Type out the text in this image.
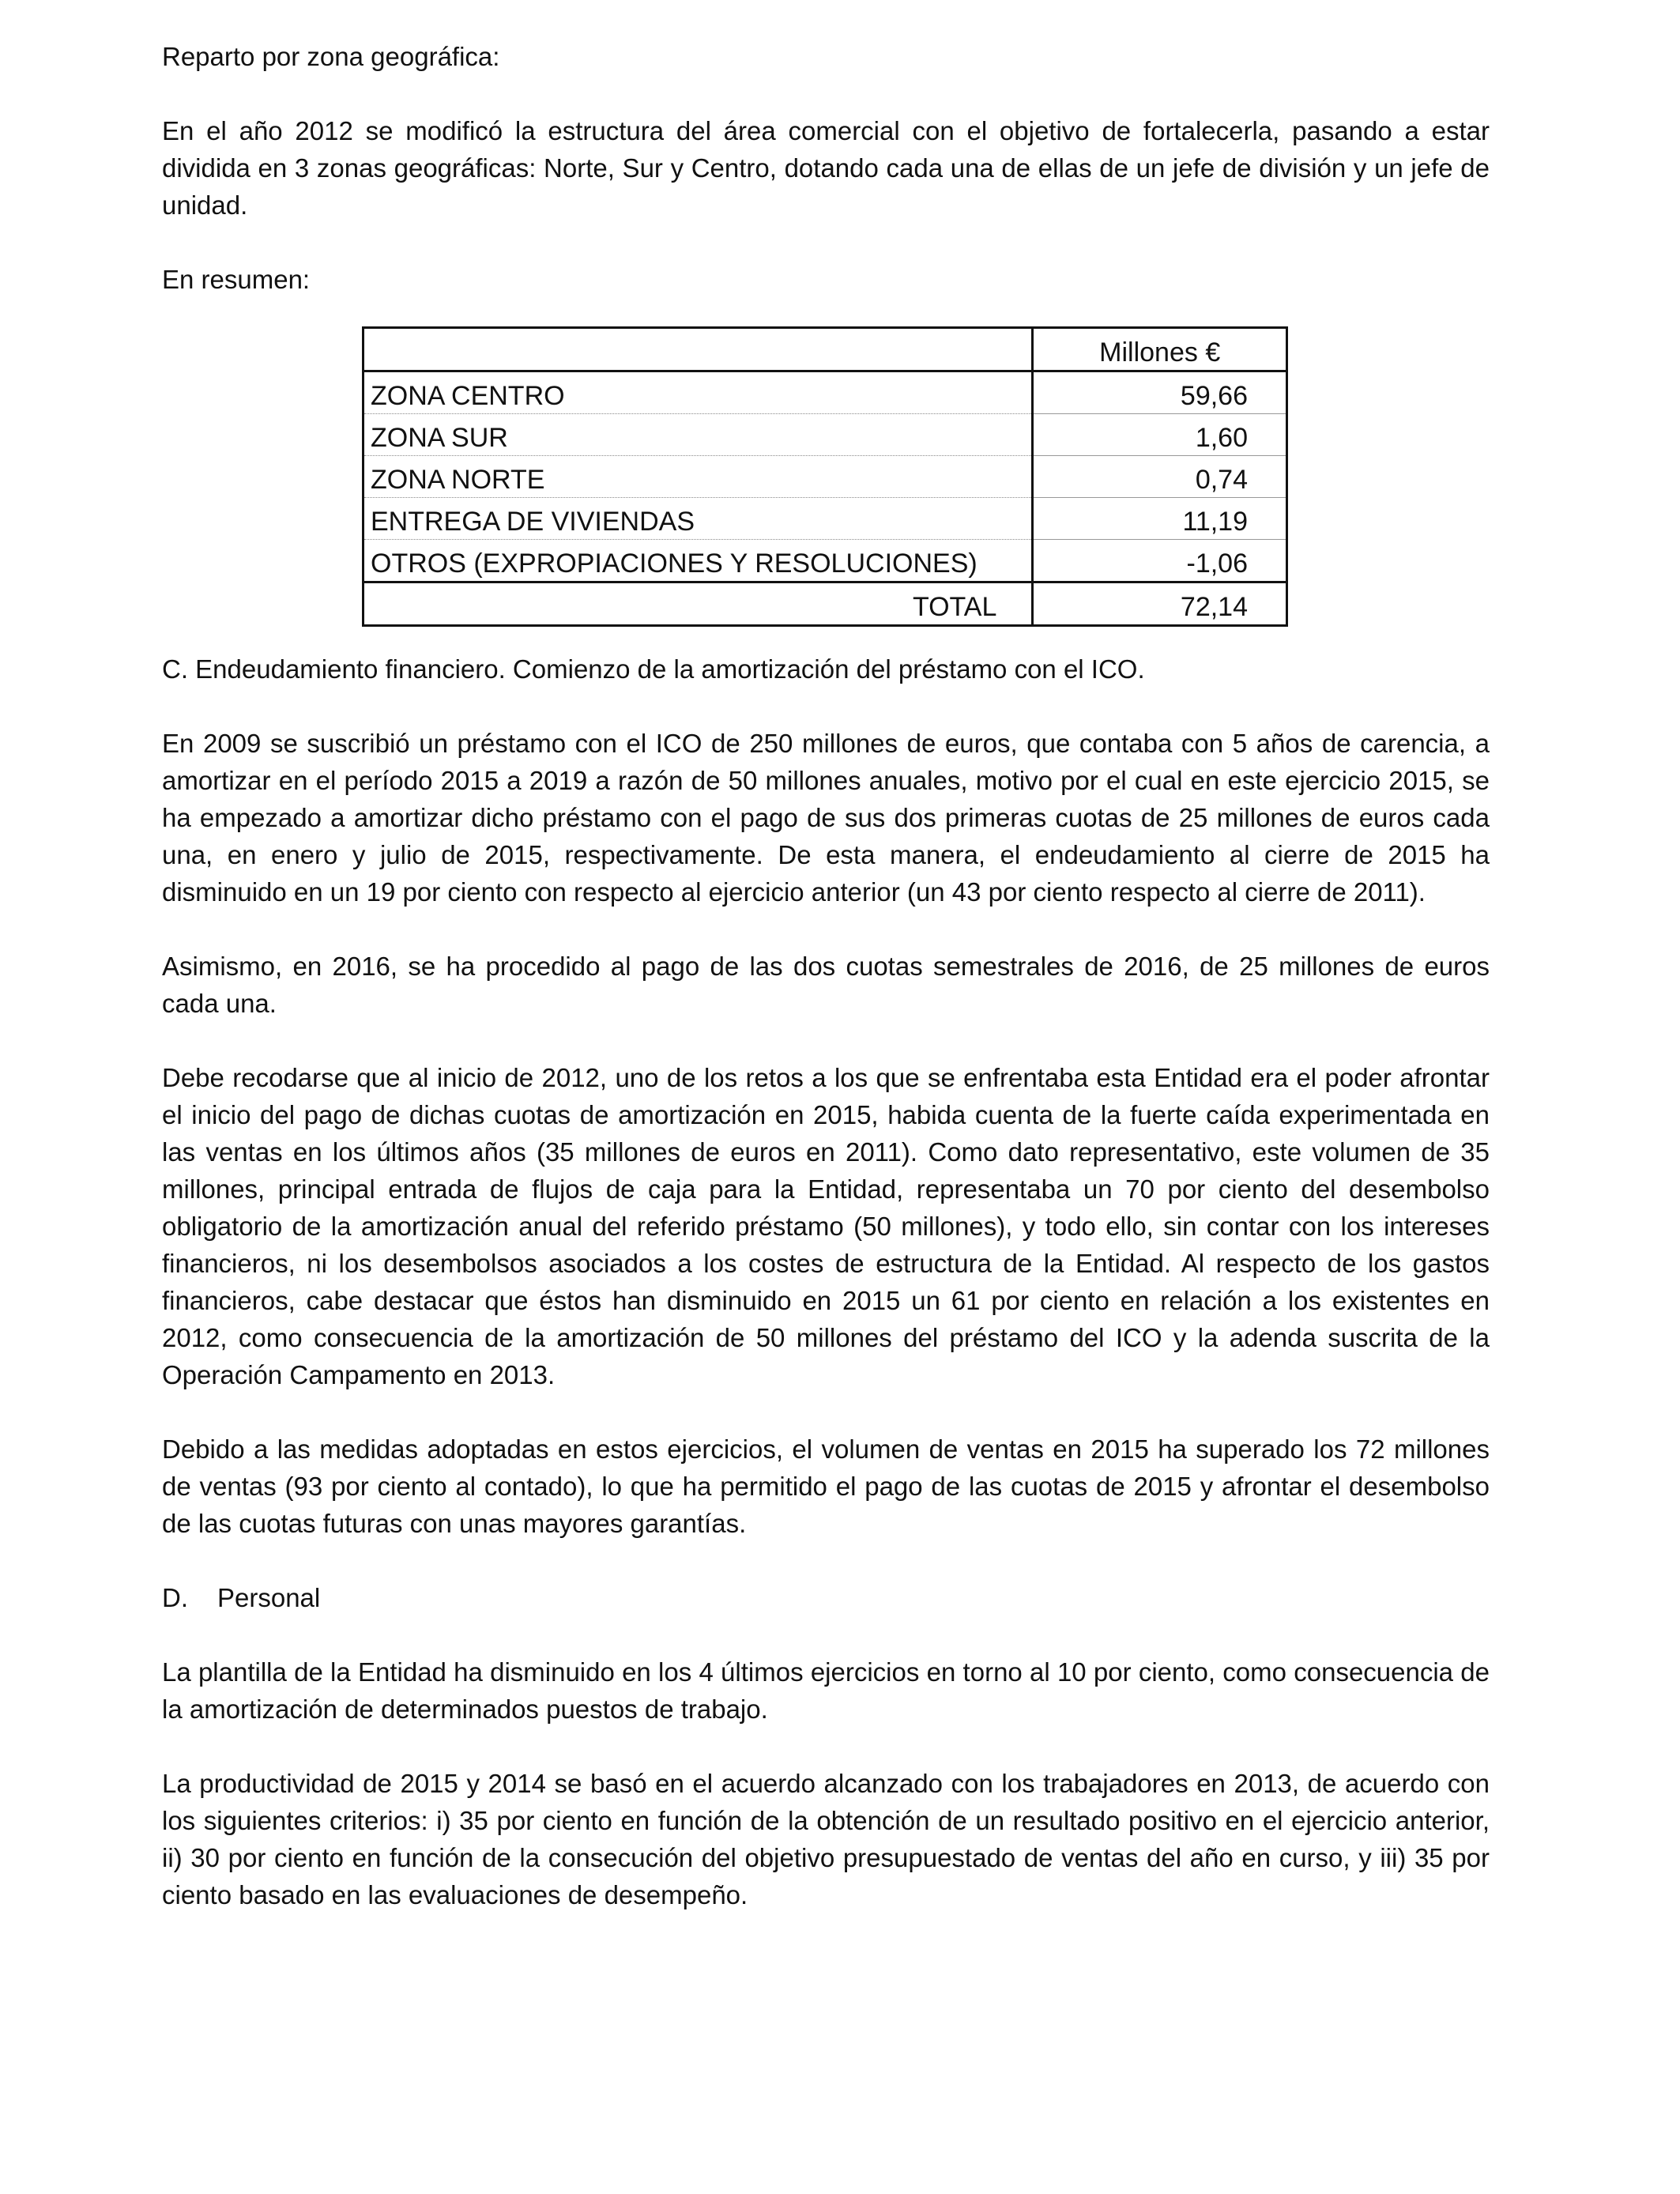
Reparto por zona geográfica:

En el año 2012 se modificó la estructura del área comercial con el objetivo de fortalecerla, pasando a estar dividida en 3 zonas geográficas: Norte, Sur y Centro, dotando cada una de ellas de un jefe de división y un jefe de unidad.

En resumen:

	Millones €
ZONA CENTRO	59,66
ZONA SUR	1,60
ZONA NORTE	0,74
ENTREGA DE VIVIENDAS	11,19
OTROS (EXPROPIACIONES Y RESOLUCIONES)	-1,06
TOTAL	72,14

C. Endeudamiento financiero. Comienzo de la amortización del préstamo con el ICO.

En 2009 se suscribió un préstamo con el ICO de 250 millones de euros, que contaba con 5 años de carencia, a amortizar en el período 2015 a 2019 a razón de 50 millones anuales, motivo por el cual en este ejercicio 2015, se ha empezado a amortizar dicho préstamo con el pago de sus dos primeras cuotas de 25 millones de euros cada una, en enero y julio de 2015, respectivamente. De esta manera, el endeudamiento al cierre de 2015 ha disminuido en un 19 por ciento con respecto al ejercicio anterior (un 43 por ciento respecto al cierre de 2011).

Asimismo, en 2016, se ha procedido al pago de las dos cuotas semestrales de 2016, de 25 millones de euros cada una.

Debe recodarse que al inicio de 2012, uno de los retos a los que se enfrentaba esta Entidad era el poder afrontar el inicio del pago de dichas cuotas de amortización en 2015, habida cuenta de la fuerte caída experimentada en las ventas en los últimos años (35 millones de euros en 2011). Como dato representativo, este volumen de 35 millones, principal entrada de flujos de caja para la Entidad, representaba un 70 por ciento del desembolso obligatorio de la amortización anual del referido préstamo (50 millones), y todo ello, sin contar con los intereses financieros, ni los desembolsos asociados a los costes de estructura de la Entidad. Al respecto de los gastos financieros, cabe destacar que éstos han disminuido en 2015 un 61 por ciento en relación a los existentes en 2012, como consecuencia de la amortización de 50 millones del préstamo del ICO y la adenda suscrita de la Operación Campamento en 2013.

Debido a las medidas adoptadas en estos ejercicios, el volumen de ventas en 2015 ha superado los 72 millones de ventas (93 por ciento al contado), lo que ha permitido el pago de las cuotas de 2015 y afrontar el desembolso de las cuotas futuras con unas mayores garantías.

D. Personal

La plantilla de la Entidad ha disminuido en los 4 últimos ejercicios en torno al 10 por ciento, como consecuencia de la amortización de determinados puestos de trabajo.

La productividad de 2015 y 2014 se basó en el acuerdo alcanzado con los trabajadores en 2013, de acuerdo con los siguientes criterios: i) 35 por ciento en función de la obtención de un resultado positivo en el ejercicio anterior, ii) 30 por ciento en función de la consecución del objetivo presupuestado de ventas del año en curso, y iii) 35 por ciento basado en las evaluaciones de desempeño.
